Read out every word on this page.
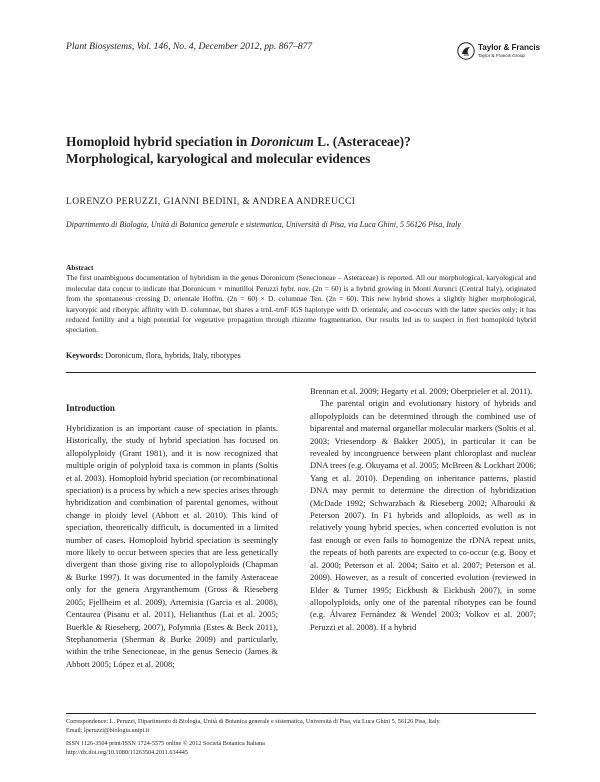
Plant Biosystems, Vol. 146, No. 4, December 2012, pp. 867–877	Taylor & Francis
Taylor & Francis Group
Homoploid hybrid speciation in Doronicum L. (Asteraceae)?
Morphological, karyological and molecular evidences
LORENZO PERUZZI, GIANNI BEDINI, & ANDREA ANDREUCCI
Dipartimento di Biologia, Unità di Botanica generale e sistematica, Università di Pisa, via Luca Ghini, 5 56126 Pisa, Italy
Abstract
The first unambiguous documentation of hybridism in the genus Doronicum (Senecioneae – Asteraceae) is reported. All our morphological, karyological and molecular data concur to indicate that Doronicum × minutilloi Peruzzi hybr. nov. (2n = 60) is a hybrid growing in Monti Aurunci (Central Italy), originated from the spontaneous crossing D. orientale Hoffm. (2n = 60) × D. columnae Ten. (2n = 60). This new hybrid shows a slightly higher morphological, karyotypic and ribotypic affinity with D. columnae, but shares a trnL-trnF IGS haplotype with D. orientale, and co-occurs with the latter species only; it has reduced fertility and a high potential for vegetative propagation through rhizome fragmentation. Our results led us to suspect in fieri homoploid hybrid speciation.
Keywords: Doronicum, flora, hybrids, Italy, ribotypes
Introduction

Hybridization is an important cause of speciation in plants. Historically, the study of hybrid speciation has focused on allopolyploidy (Grant 1981), and it is now recognized that multiple origin of polyploid taxa is common in plants (Soltis et al. 2003). Homoploid hybrid speciation (or recombinational speciation) is a process by which a new species arises through hybridization and combination of parental genomes, without change in ploidy level (Abbott et al. 2010). This kind of speciation, theoretically difficult, is documented in a limited number of cases. Homoploid hybrid speciation is seemingly more likely to occur between species that are less genetically divergent than those giving rise to allopolyploids (Chapman & Burke 1997). It was documented in the family Asteraceae only for the genera Argyranthemum (Gross & Rieseberg 2005; Fjellheim et al. 2009), Artemisia (Garcia et al. 2008), Centaurea (Pisanu et al. 2011), Helianthus (Lai et al. 2005; Buerkle & Rieseberg, 2007), Polymnia (Estes & Beck 2011), Stephanomeria (Sherman & Burke 2009) and particularly, within the tribe Senecioneae, in the genus Senecio (James & Abbott 2005; López et al. 2008;

Brennan et al. 2009; Hegarty et al. 2009; Oberprieler et al. 2011).

The parental origin and evolutionary history of hybrids and allopolyploids can be determined through the combined use of biparental and maternal organellar molecular markers (Soltis et al. 2003; Vriesendorp & Bakker 2005), in particular it can be revealed by incongruence between plant chloroplast and nuclear DNA trees (e.g. Okuyama et al. 2005; McBreen & Lockhart 2006; Yang et al. 2010). Depending on inheritance patterns, plastid DNA may permit to determine the direction of hybridization (McDade 1992; Schwarzbach & Rieseberg 2002; Albarouki & Peterson 2007). In F1 hybrids and alloploids, as well as in relatively young hybrid species, when concerted evolution is not fast enough or even fails to homogenize the rDNA repeat units, the repeats of both parents are expected to co-occur (e.g. Booy et al. 2000; Peterson et al. 2004; Saito et al. 2007; Peterson et al. 2009). However, as a result of concerted evolution (reviewed in Elder & Turner 1995; Eickbush & Eickbush 2007), in some allopolyploids, only one of the parental ribotypes can be found (e.g. Álvarez Fernández & Wendel 2003; Volkov et al. 2007; Peruzzi et al. 2008). If a hybrid

Correspondence: L. Peruzzi, Dipartimento di Biologia, Unità di Botanica generale e sistematica, Università di Pisa, via Luca Ghini 5, 56126 Pisa, Italy.
Email: lperuzzi@biologia.unipi.it
ISSN 1126-3504 print/ISSN 1724-5575 online © 2012 Società Botanica Italiana
http://dx.doi.org/10.1080/11263504.2011.634445
